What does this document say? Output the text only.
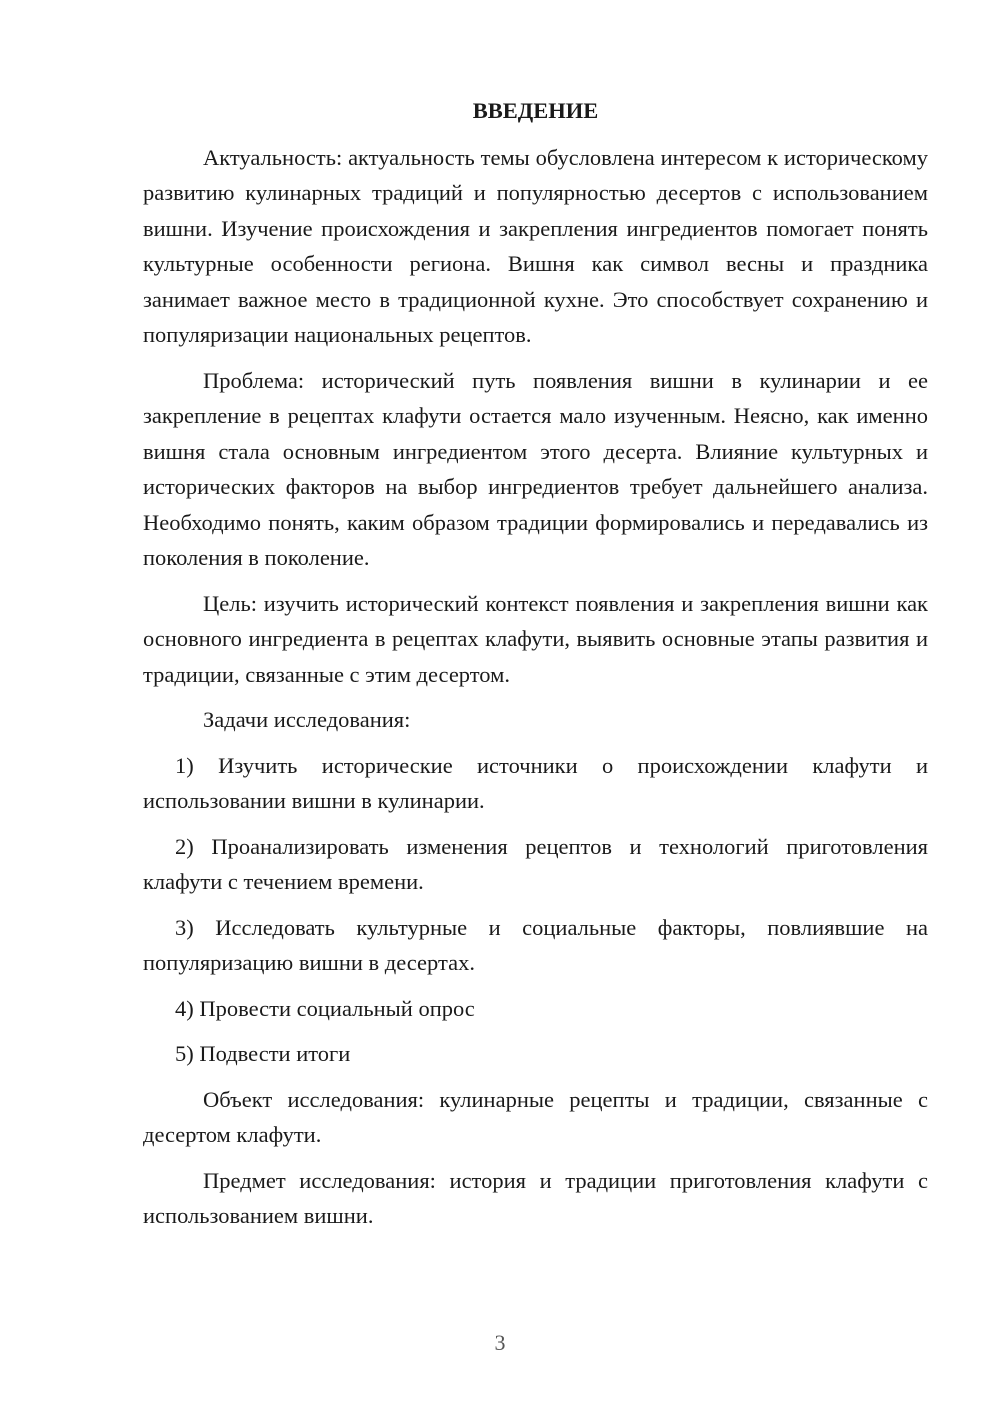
ВВЕДЕНИЕ

Актуальность: актуальность темы обусловлена интересом к историческому развитию кулинарных традиций и популярностью десертов с использованием вишни. Изучение происхождения и закрепления ингредиентов помогает понять культурные особенности региона. Вишня как символ весны и праздника занимает важное место в традиционной кухне. Это способствует сохранению и популяризации национальных рецептов.

Проблема: исторический путь появления вишни в кулинарии и ее закрепление в рецептах клафути остается мало изученным. Неясно, как именно вишня стала основным ингредиентом этого десерта. Влияние культурных и исторических факторов на выбор ингредиентов требует дальнейшего анализа. Необходимо понять, каким образом традиции формировались и передавались из поколения в поколение.

Цель: изучить исторический контекст появления и закрепления вишни как основного ингредиента в рецептах клафути, выявить основные этапы развития и традиции, связанные с этим десертом.

Задачи исследования:

1) Изучить исторические источники о происхождении клафути и использовании вишни в кулинарии.

2) Проанализировать изменения рецептов и технологий приготовления клафути с течением времени.

3) Исследовать культурные и социальные факторы, повлиявшие на популяризацию вишни в десертах.

4) Провести социальный опрос

5) Подвести итоги

Объект исследования: кулинарные рецепты и традиции, связанные с десертом клафути.

Предмет исследования: история и традиции приготовления клафути с использованием вишни.

3
